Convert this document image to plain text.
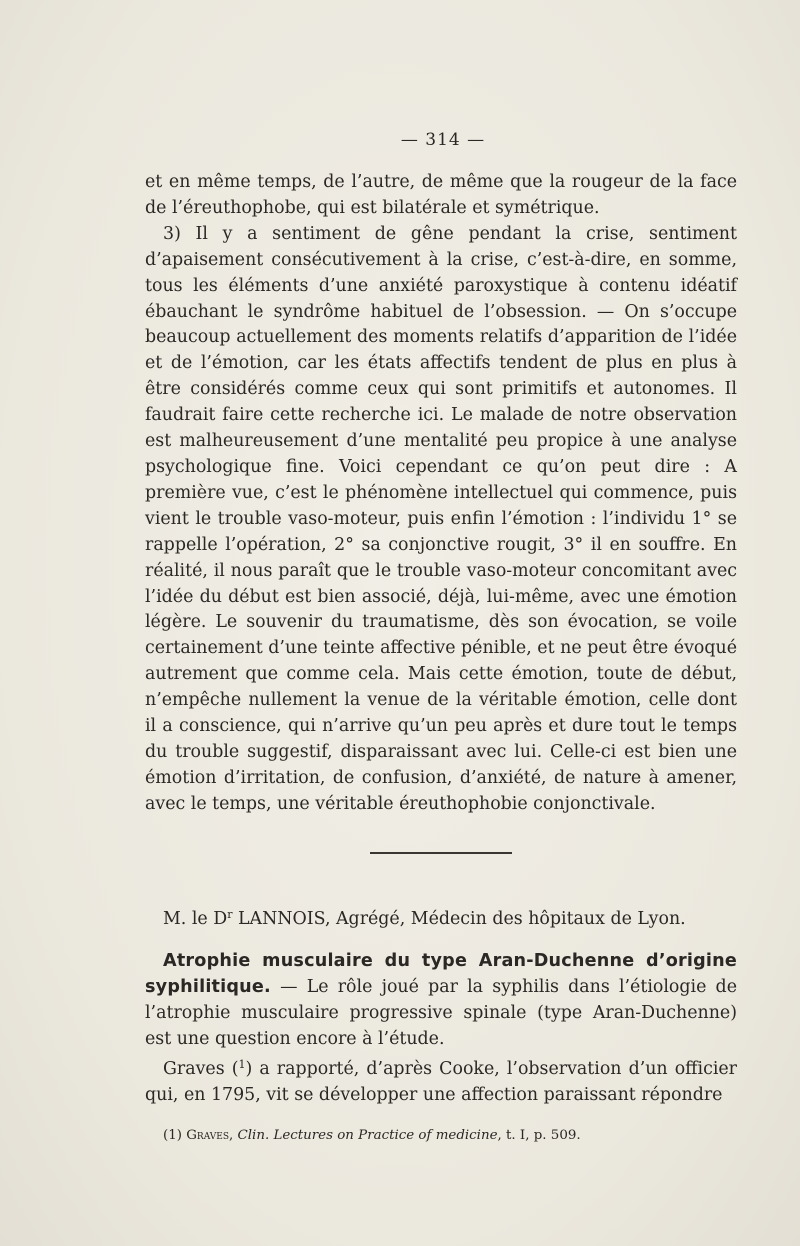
— 314 —

et en même temps, de l’autre, de même que la rougeur de la face de l’éreuthophobe, qui est bilatérale et symétrique.

3) Il y a sentiment de gêne pendant la crise, sentiment d’apaisement consécutivement à la crise, c’est-à-dire, en somme, tous les éléments d’une anxiété paroxystique à contenu idéatif ébauchant le syndrôme habituel de l’obsession. — On s’occupe beaucoup actuellement des moments relatifs d’apparition de l’idée et de l’émotion, car les états affectifs tendent de plus en plus à être considérés comme ceux qui sont primitifs et autonomes. Il faudrait faire cette recherche ici. Le malade de notre observation est malheureusement d’une mentalité peu propice à une analyse psychologique fine. Voici cependant ce qu’on peut dire : A première vue, c’est le phénomène intellectuel qui commence, puis vient le trouble vaso-moteur, puis enfin l’émotion : l’individu 1° se rappelle l’opération, 2° sa conjonctive rougit, 3° il en souffre. En réalité, il nous paraît que le trouble vaso-moteur concomitant avec l’idée du début est bien associé, déjà, lui-même, avec une émotion légère. Le souvenir du traumatisme, dès son évocation, se voile certainement d’une teinte affective pénible, et ne peut être évoqué autrement que comme cela. Mais cette émotion, toute de début, n’empêche nullement la venue de la véritable émotion, celle dont il a conscience, qui n’arrive qu’un peu après et dure tout le temps du trouble suggestif, disparaissant avec lui. Celle-ci est bien une émotion d’irritation, de confusion, d’anxiété, de nature à amener, avec le temps, une véritable éreuthophobie conjonctivale.

M. le $D^r$ LANNOIS, Agrégé, Médecin des hôpitaux de Lyon.

Atrophie musculaire du type Aran-Duchenne d’origine syphilitique. — Le rôle joué par la syphilis dans l’étiologie de l’atrophie musculaire progressive spinale (type Aran-Duchenne) est une question encore à l’étude.

Graves ($^1$) a rapporté, d’après Cooke, l’observation d’un officier qui, en 1795, vit se développer une affection paraissant répondre

(1) Graves, Clin. Lectures on Practice of medicine, t. I, p. 509.
